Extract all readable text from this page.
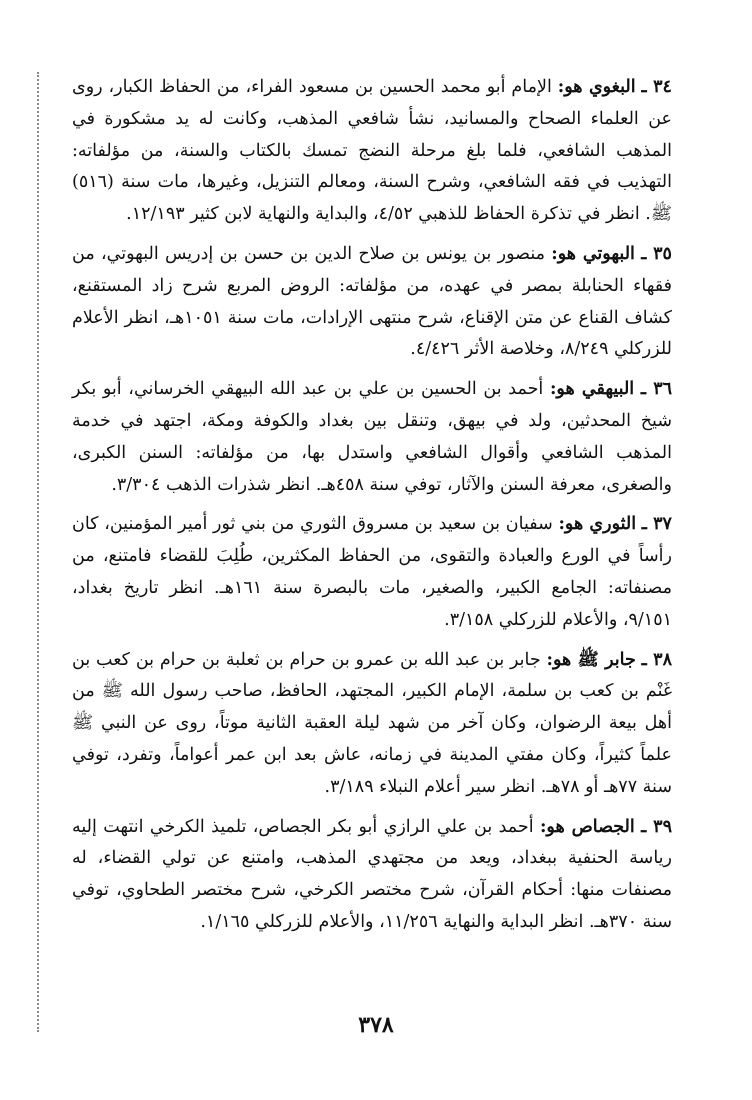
٣٤ ـ البغوي هو: الإمام أبو محمد الحسين بن مسعود الفراء، من الحفاظ الكبار، روى عن العلماء الصحاح والمسانيد، نشأ شافعي المذهب، وكانت له يد مشكورة في المذهب الشافعي، فلما بلغ مرحلة النضج تمسك بالكتاب والسنة، من مؤلفاته: التهذيب في فقه الشافعي، وشرح السنة، ومعالم التنزيل، وغيرها، مات سنة (٥١٦) ﷺ. انظر في تذكرة الحفاظ للذهبي ٤/٥٢، والبداية والنهاية لابن كثير ١٢/١٩٣.

٣٥ ـ البهوتي هو: منصور بن يونس بن صلاح الدين بن حسن بن إدريس البهوتي، من فقهاء الحنابلة بمصر في عهده، من مؤلفاته: الروض المربع شرح زاد المستقنع، كشاف القناع عن متن الإقناع، شرح منتهى الإرادات، مات سنة ١٠٥١هـ، انظر الأعلام للزركلي ٨/٢٤٩، وخلاصة الأثر ٤/٤٢٦.

٣٦ ـ البيهقي هو: أحمد بن الحسين بن علي بن عبد الله البيهقي الخرساني، أبو بكر شيخ المحدثين، ولد في بيهق، وتنقل بين بغداد والكوفة ومكة، اجتهد في خدمة المذهب الشافعي وأقوال الشافعي واستدل بها، من مؤلفاته: السنن الكبرى، والصغرى، معرفة السنن والآثار، توفي سنة ٤٥٨هـ. انظر شذرات الذهب ٣/٣٠٤.

٣٧ ـ الثوري هو: سفيان بن سعيد بن مسروق الثوري من بني ثور أمير المؤمنين، كان رأساً في الورع والعبادة والتقوى، من الحفاظ المكثرين، طُلِبَ للقضاء فامتنع، من مصنفاته: الجامع الكبير، والصغير، مات بالبصرة سنة ١٦١هـ. انظر تاريخ بغداد، ٩/١٥١، والأعلام للزركلي ٣/١٥٨.

٣٨ ـ جابر ﷺ هو: جابر بن عبد الله بن عمرو بن حرام بن ثعلبة بن حرام بن كعب بن غَنْم بن كعب بن سلمة، الإمام الكبير، المجتهد، الحافظ، صاحب رسول الله ﷺ من أهل بيعة الرضوان، وكان آخر من شهد ليلة العقبة الثانية موتاً، روى عن النبي ﷺ علماً كثيراً، وكان مفتي المدينة في زمانه، عاش بعد ابن عمر أعواماً، وتفرد، توفي سنة ٧٧هـ أو ٧٨هـ. انظر سير أعلام النبلاء ٣/١٨٩.

٣٩ ـ الجصاص هو: أحمد بن علي الرازي أبو بكر الجصاص، تلميذ الكرخي انتهت إليه رياسة الحنفية ببغداد، ويعد من مجتهدي المذهب، وامتنع عن تولي القضاء، له مصنفات منها: أحكام القرآن، شرح مختصر الكرخي، شرح مختصر الطحاوي، توفي سنة ٣٧٠هـ. انظر البداية والنهاية ١١/٢٥٦، والأعلام للزركلي ١/١٦٥.

٣٧٨
